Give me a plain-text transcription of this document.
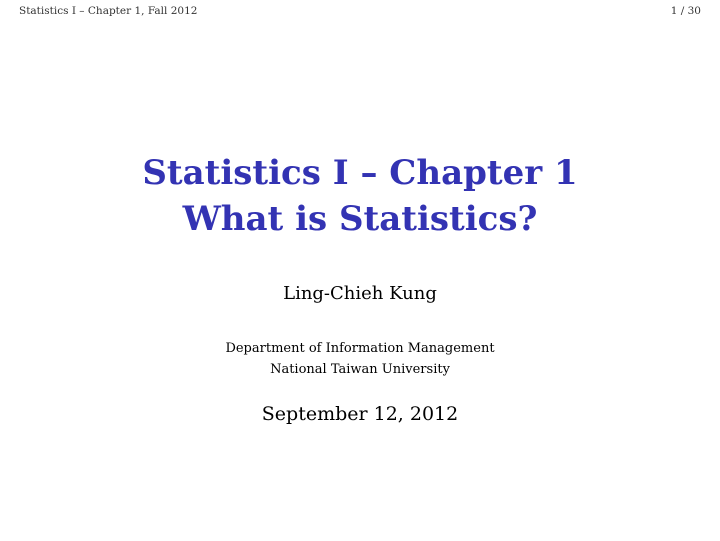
Statistics I – Chapter 1, Fall 2012	1 / 30
Statistics I – Chapter 1
What is Statistics?
Ling-Chieh Kung
Department of Information Management
National Taiwan University
September 12, 2012
